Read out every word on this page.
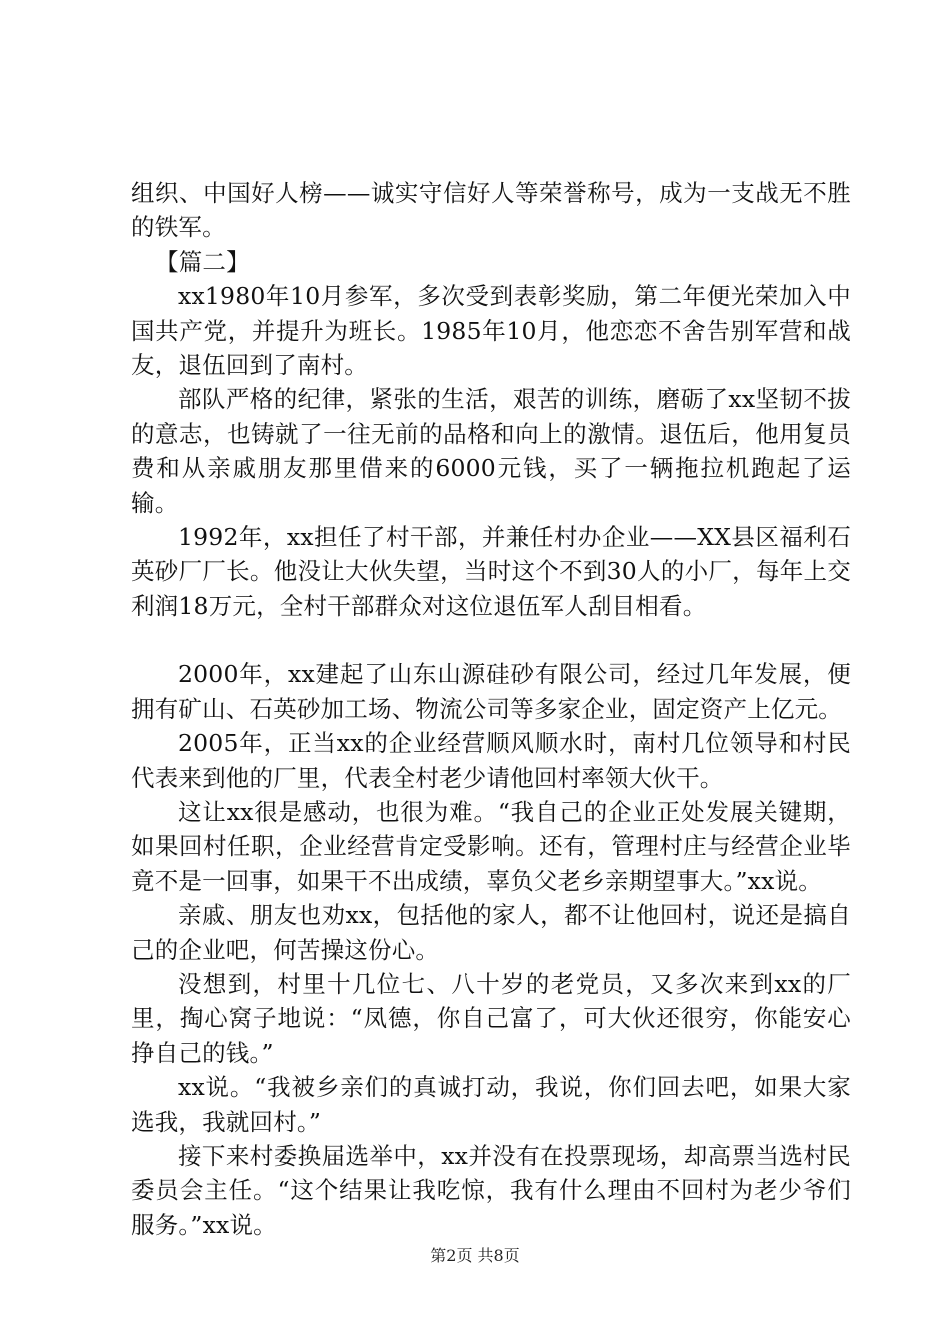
组织、中国好人榜——诚实守信好人等荣誉称号，成为一支战无不胜的铁军。

【篇二】

xx1980年10月参军，多次受到表彰奖励，第二年便光荣加入中国共产党，并提升为班长。1985年10月，他恋恋不舍告别军营和战友，退伍回到了南村。

部队严格的纪律，紧张的生活，艰苦的训练，磨砺了xx坚韧不拔的意志，也铸就了一往无前的品格和向上的激情。退伍后，他用复员费和从亲戚朋友那里借来的6000元钱，买了一辆拖拉机跑起了运输。

1992年，xx担任了村干部，并兼任村办企业——XX县区福利石英砂厂厂长。他没让大伙失望，当时这个不到30人的小厂，每年上交利润18万元，全村干部群众对这位退伍军人刮目相看。

2000年，xx建起了山东山源硅砂有限公司，经过几年发展，便拥有矿山、石英砂加工场、物流公司等多家企业，固定资产上亿元。

2005年，正当xx的企业经营顺风顺水时，南村几位领导和村民代表来到他的厂里，代表全村老少请他回村率领大伙干。

这让xx很是感动，也很为难。“我自己的企业正处发展关键期，如果回村任职，企业经营肯定受影响。还有，管理村庄与经营企业毕竟不是一回事，如果干不出成绩，辜负父老乡亲期望事大。”xx说。

亲戚、朋友也劝xx，包括他的家人，都不让他回村，说还是搞自己的企业吧，何苦操这份心。

没想到，村里十几位七、八十岁的老党员，又多次来到xx的厂里，掏心窝子地说：“凤德，你自己富了，可大伙还很穷，你能安心挣自己的钱。”

xx说。“我被乡亲们的真诚打动，我说，你们回去吧，如果大家选我，我就回村。”

接下来村委换届选举中，xx并没有在投票现场，却高票当选村民委员会主任。“这个结果让我吃惊，我有什么理由不回村为老少爷们服务。”xx说。

第2页 共8页
